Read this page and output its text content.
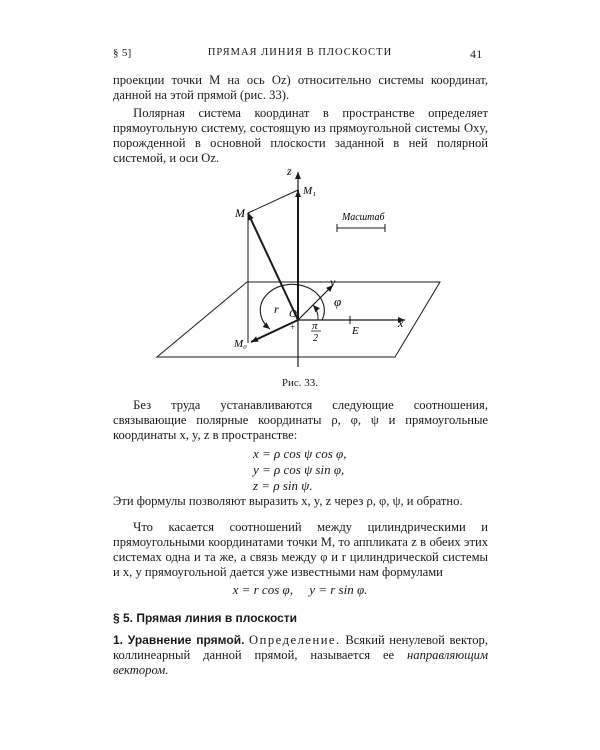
§ 5]	ПРЯМАЯ ЛИНИЯ В ПЛОСКОСТИ	41
проекции точки M на ось Oz) относительно системы координат, данной на этой прямой (рис. 33).
Полярная система координат в пространстве определяет прямоугольную систему, состоящую из прямоугольной системы Oxy, порожденной в основной плоскости заданной в ней полярной системой, и оси Oz.
+
z
M₁
M	Масштаб
y
φ
r O
E
x
M₀
π
2
Рис. 33.
Без труда устанавливаются следующие соотношения, связывающие полярные координаты ρ, φ, ψ и прямоугольные координаты x, y, z в пространстве:
x = ρ cos ψ cos φ,
y = ρ cos ψ sin φ,
z = ρ sin ψ.
Эти формулы позволяют выразить x, y, z через ρ, φ, ψ, и обратно.
Что касается соотношений между цилиндрическими и прямоугольными координатами точки M, то аппликата z в обеих этих системах одна и та же, а связь между φ и r цилиндрической системы и x, y прямоугольной дается уже известными нам формулами
x = r cos φ,     y = r sin φ.
§ 5. Прямая линия в плоскости
1. Уравнение прямой. Определение. Всякий ненулевой вектор, коллинеарный данной прямой, называется ее направляющим вектором.
